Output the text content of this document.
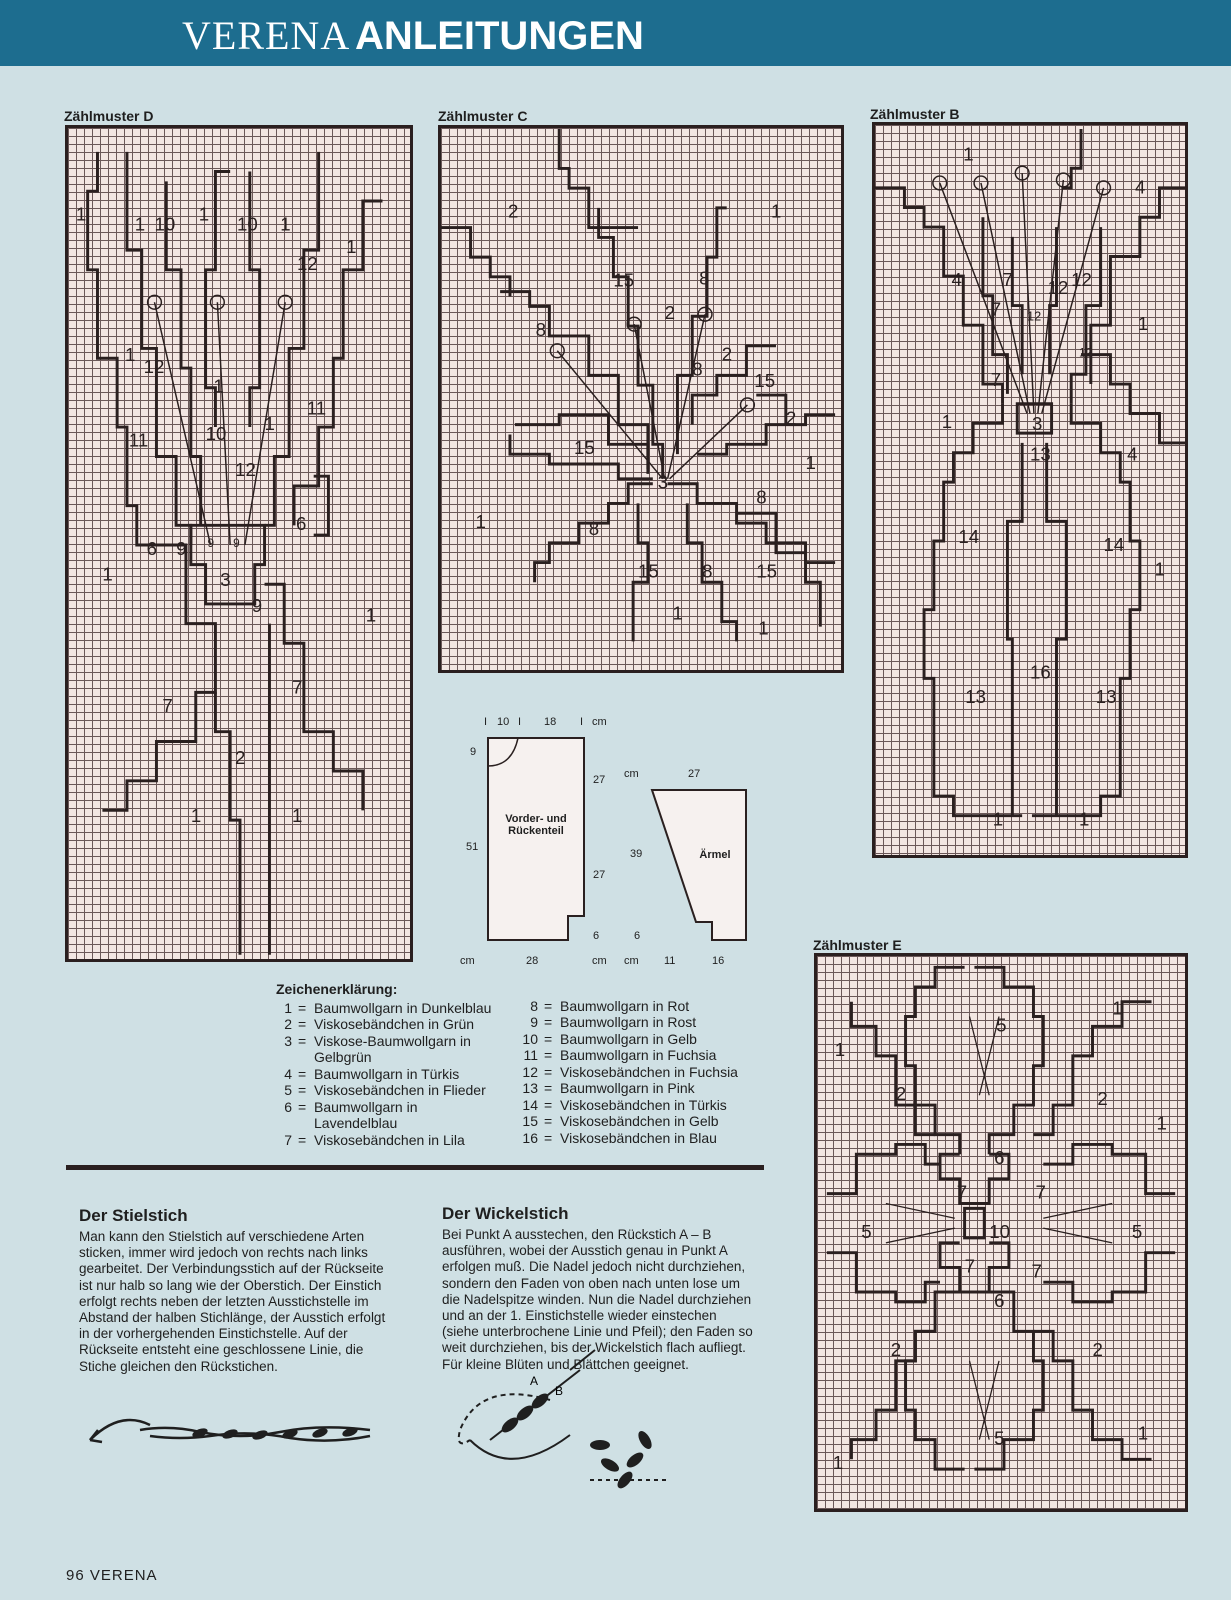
VERENA ANLEITUNGEN
Zählmuster D
1	1 10 1 10 1
12
1
1
12
1
11	10
11
1
12
6 9 9 9
6
3
9
1
1
7
7
2
1	1
Zählmuster C
2	1
15	8
8
2
2
8
15
2
15
1
3
8
1	8
15 8 15
1
1
Zählmuster B
1
4
4 7 12 12
7 12	1
12
7
3
1
13	4
14	14
1
16
13	13
1	1
I 10 I 18 I cm
9
51
27
27
6
cm	28	cm
Vorder- und Rückenteil
cm	27
39	Ärmel
6
cm 11	16
Zeichenerklärung:
1 = Baumwollgarn in Dunkelblau
2 = Viskosebändchen in Grün
3 = Viskose-Baumwollgarn in Gelbgrün
4 = Baumwollgarn in Türkis
5 = Viskosebändchen in Flieder
6 = Baumwollgarn in Lavendelblau
7 = Viskosebändchen in Lila
8 = Baumwollgarn in Rot
9 = Baumwollgarn in Rost
10 = Baumwollgarn in Gelb
11 = Baumwollgarn in Fuchsia
12 = Viskosebändchen in Fuchsia
13 = Baumwollgarn in Pink
14 = Viskosebändchen in Türkis
15 = Viskosebändchen in Gelb
16 = Viskosebändchen in Blau
Zählmuster E
5
1
1
2	2
1
6
7	7
5	5
10
7	7
6
2	2
5	1
1
Der Stielstich
Man kann den Stielstich auf verschiedene Arten sticken, immer wird jedoch von rechts nach links gearbeitet. Der Verbindungsstich auf der Rückseite ist nur halb so lang wie der Oberstich. Der Einstich erfolgt rechts neben der letzten Ausstichstelle im Abstand der halben Stichlänge, der Ausstich erfolgt in der vorhergehenden Einstichstelle. Auf der Rückseite entsteht eine geschlossene Linie, die Stiche gleichen den Rückstichen.
Der Wickelstich
Bei Punkt A ausstechen, den Rückstich A – B ausführen, wobei der Ausstich genau in Punkt A erfolgen muß. Die Nadel jedoch nicht durchziehen, sondern den Faden von oben nach unten lose um die Nadelspitze winden. Nun die Nadel durchziehen und an der 1. Einstichstelle wieder einstechen (siehe unterbrochene Linie und Pfeil); den Faden so weit durchziehen, bis der Wickelstich flach aufliegt. Für kleine Blüten und Blättchen geeignet.
A
B
96 VERENA
